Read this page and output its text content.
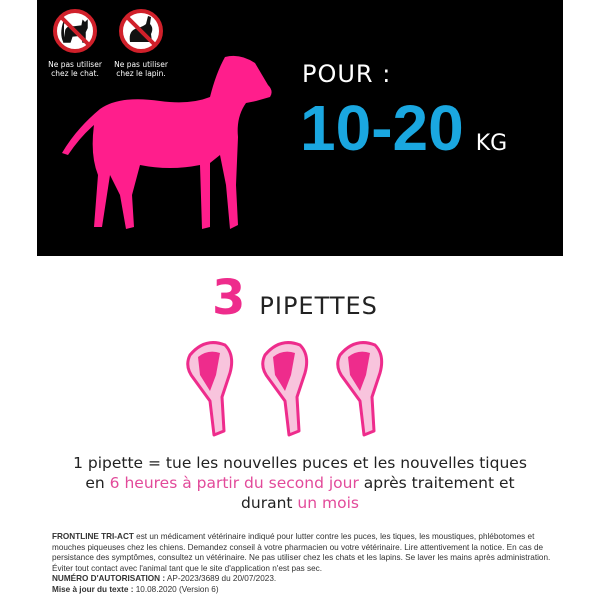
Ne pas utiliser
chez le chat.
Ne pas utiliser
chez le lapin.	POUR :
10-20 KG
3 PIPETTES
1 pipette = tue les nouvelles puces et les nouvelles tiques
en 6 heures à partir du second jour après traitement et
durant un mois
FRONTLINE TRI-ACT est un médicament vétérinaire indiqué pour lutter contre les puces, les tiques, les moustiques, phlébotomes et mouches piqueuses chez les chiens. Demandez conseil à votre pharmacien ou votre vétérinaire. Lire attentivement la notice. En cas de persistance des symptômes, consultez un vétérinaire. Ne pas utiliser chez les chats et les lapins. Se laver les mains après administration. Éviter tout contact avec l'animal tant que le site d'application n'est pas sec.
NUMÉRO D'AUTORISATION : AP-2023/3689 du 20/07/2023.
Mise à jour du texte : 10.08.2020 (Version 6)
